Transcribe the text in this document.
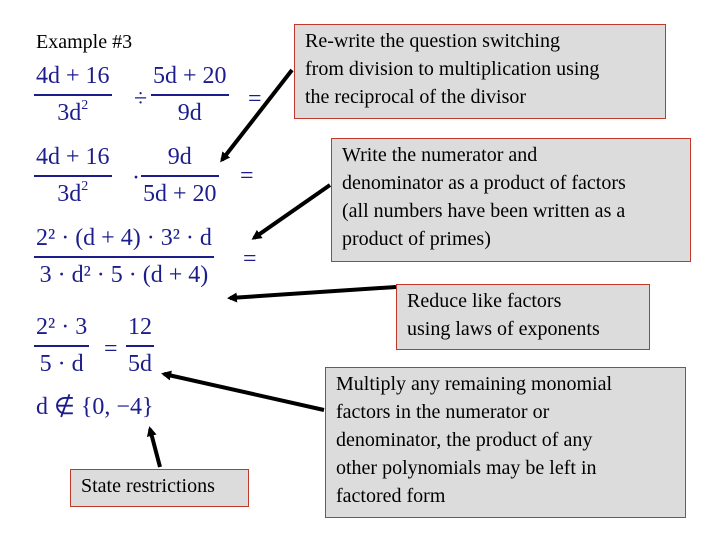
Example #3
4d + 16
$3d^2$ ÷
5d + 20
9d
=
4d + 16
$3d^2$ ·
9d
5d + 20
=
2² · (d + 4) · 3² · d
3 · d² · 5 · (d + 4)
=
2² · 3
5 · d
=
12
5d
d ∉ {0, −4}
Re-write the question switching
from division to multiplication using
the reciprocal of the divisor
Write the numerator and
denominator as a product of factors
(all numbers have been written as a
product of primes)
Reduce like factors
using laws of exponents
Multiply any remaining monomial
factors in the numerator or
denominator, the product of any
other polynomials may be left in
factored form
State restrictions
